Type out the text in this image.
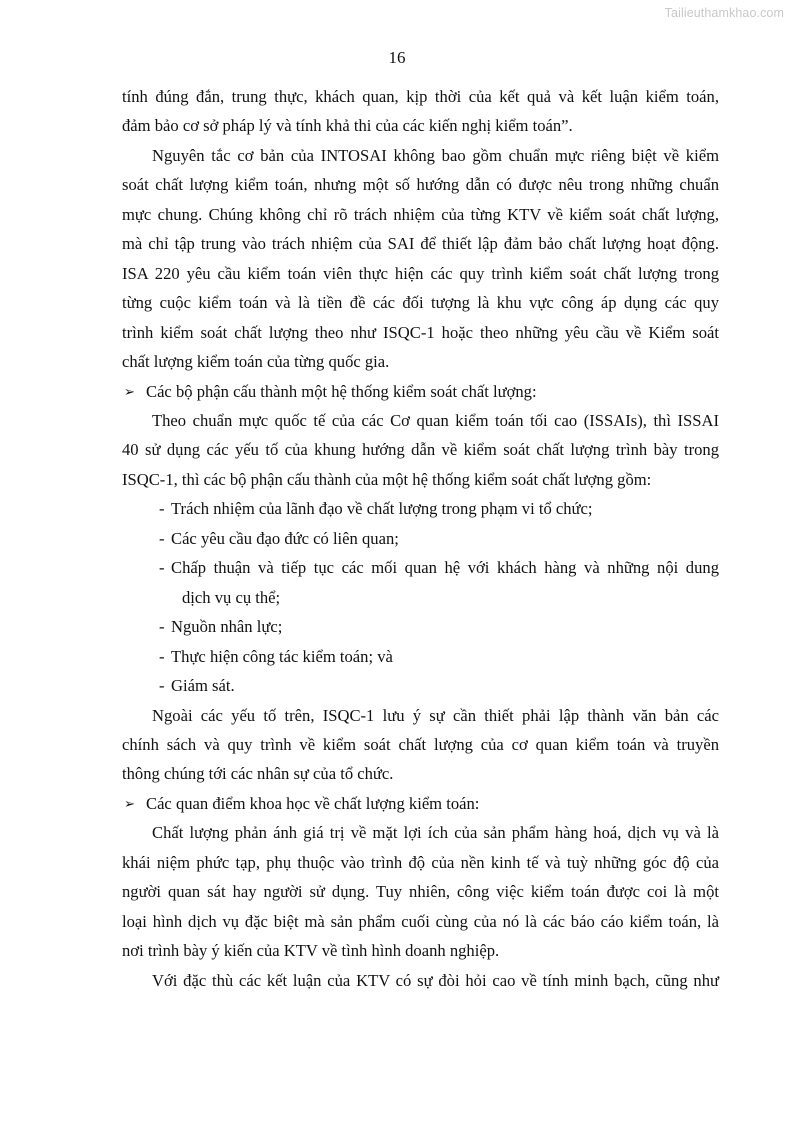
Tailieuthamkhao.com
16
tính đúng đắn, trung thực, khách quan, kịp thời của kết quả và kết luận kiểm toán,
đảm bảo cơ sở pháp lý và tính khả thi của các kiến nghị kiểm toán”.
Nguyên tắc cơ bản của INTOSAI không bao gồm chuẩn mực riêng biệt về kiểm
soát chất lượng kiểm toán, nhưng một số hướng dẫn có được nêu trong những chuẩn
mực chung. Chúng không chỉ rõ trách nhiệm của từng KTV về kiểm soát chất lượng,
mà chỉ tập trung vào trách nhiệm của SAI để thiết lập đảm bảo chất lượng hoạt động.
ISA 220 yêu cầu kiểm toán viên thực hiện các quy trình kiểm soát chất lượng trong
từng cuộc kiểm toán và là tiền đề các đối tượng là khu vực công áp dụng các quy
trình kiểm soát chất lượng theo như ISQC-1 hoặc theo những yêu cầu về Kiểm soát
chất lượng kiểm toán của từng quốc gia.
➢ Các bộ phận cấu thành một hệ thống kiểm soát chất lượng:
Theo chuẩn mực quốc tế của các Cơ quan kiểm toán tối cao (ISSAIs), thì ISSAI
40 sử dụng các yếu tố của khung hướng dẫn về kiểm soát chất lượng trình bày trong
ISQC-1, thì các bộ phận cấu thành của một hệ thống kiểm soát chất lượng gồm:
- Trách nhiệm của lãnh đạo về chất lượng trong phạm vi tổ chức;
- Các yêu cầu đạo đức có liên quan;
- Chấp thuận và tiếp tục các mối quan hệ với khách hàng và những nội dung
dịch vụ cụ thể;
- Nguồn nhân lực;
- Thực hiện công tác kiểm toán; và
- Giám sát.
Ngoài các yếu tố trên, ISQC-1 lưu ý sự cần thiết phải lập thành văn bản các
chính sách và quy trình về kiểm soát chất lượng của cơ quan kiểm toán và truyền
thông chúng tới các nhân sự của tổ chức.
➢ Các quan điểm khoa học về chất lượng kiểm toán:
Chất lượng phản ánh giá trị về mặt lợi ích của sản phẩm hàng hoá, dịch vụ và là
khái niệm phức tạp, phụ thuộc vào trình độ của nền kinh tế và tuỳ những góc độ của
người quan sát hay người sử dụng. Tuy nhiên, công việc kiểm toán được coi là một
loại hình dịch vụ đặc biệt mà sản phẩm cuối cùng của nó là các báo cáo kiểm toán, là
nơi trình bày ý kiến của KTV về tình hình doanh nghiệp.
Với đặc thù các kết luận của KTV có sự đòi hỏi cao về tính minh bạch, cũng như
